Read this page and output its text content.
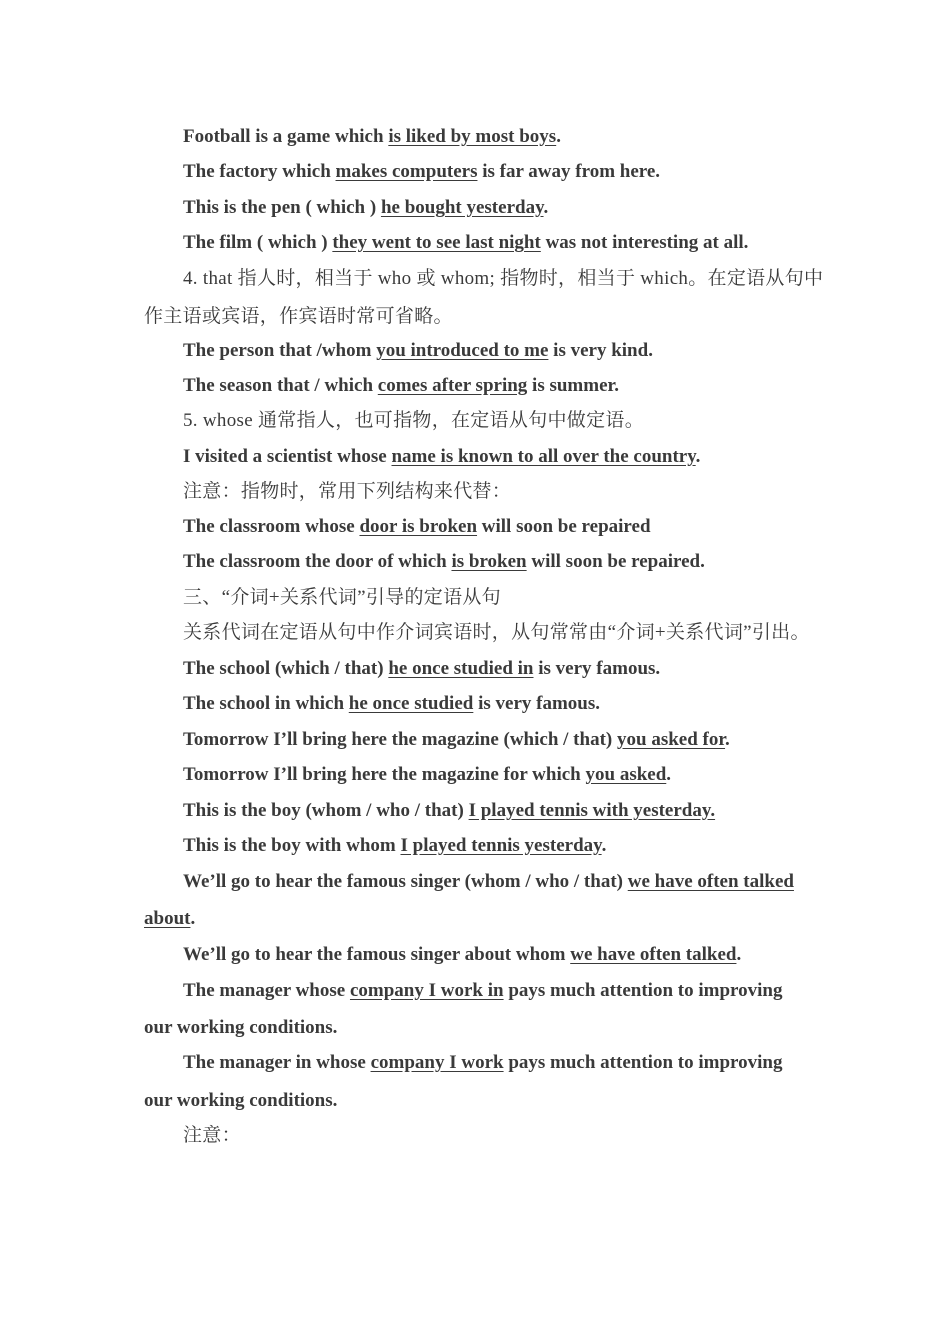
Football is a game which is liked by most boys.
The factory which makes computers is far away from here.
This is the pen ( which ) he bought yesterday.
The film ( which ) they went to see last night was not interesting at all.
4. that 指人时，相当于 who 或 whom; 指物时，相当于 which。在定语从句中
作主语或宾语，作宾语时常可省略。
The person that /whom you introduced to me is very kind.
The season that / which comes after spring is summer.
5. whose 通常指人，也可指物，在定语从句中做定语。
I visited a scientist whose name is known to all over the country.
注意：指物时，常用下列结构来代替：
The classroom whose door is broken will soon be repaired
The classroom the door of which is broken will soon be repaired.
三、“介词+关系代词”引导的定语从句
关系代词在定语从句中作介词宾语时，从句常常由“介词+关系代词”引出。
The school (which / that) he once studied in is very famous.
The school in which he once studied is very famous.
Tomorrow I’ll bring here the magazine (which / that) you asked for.
Tomorrow I’ll bring here the magazine for which you asked.
This is the boy (whom / who / that) I played tennis with yesterday.
This is the boy with whom I played tennis yesterday.
We’ll go to hear the famous singer (whom / who / that) we have often talked
about.
We’ll go to hear the famous singer about whom we have often talked.
The manager whose company I work in pays much attention to improving
our working conditions.
The manager in whose company I work pays much attention to improving
our working conditions.
注意：
